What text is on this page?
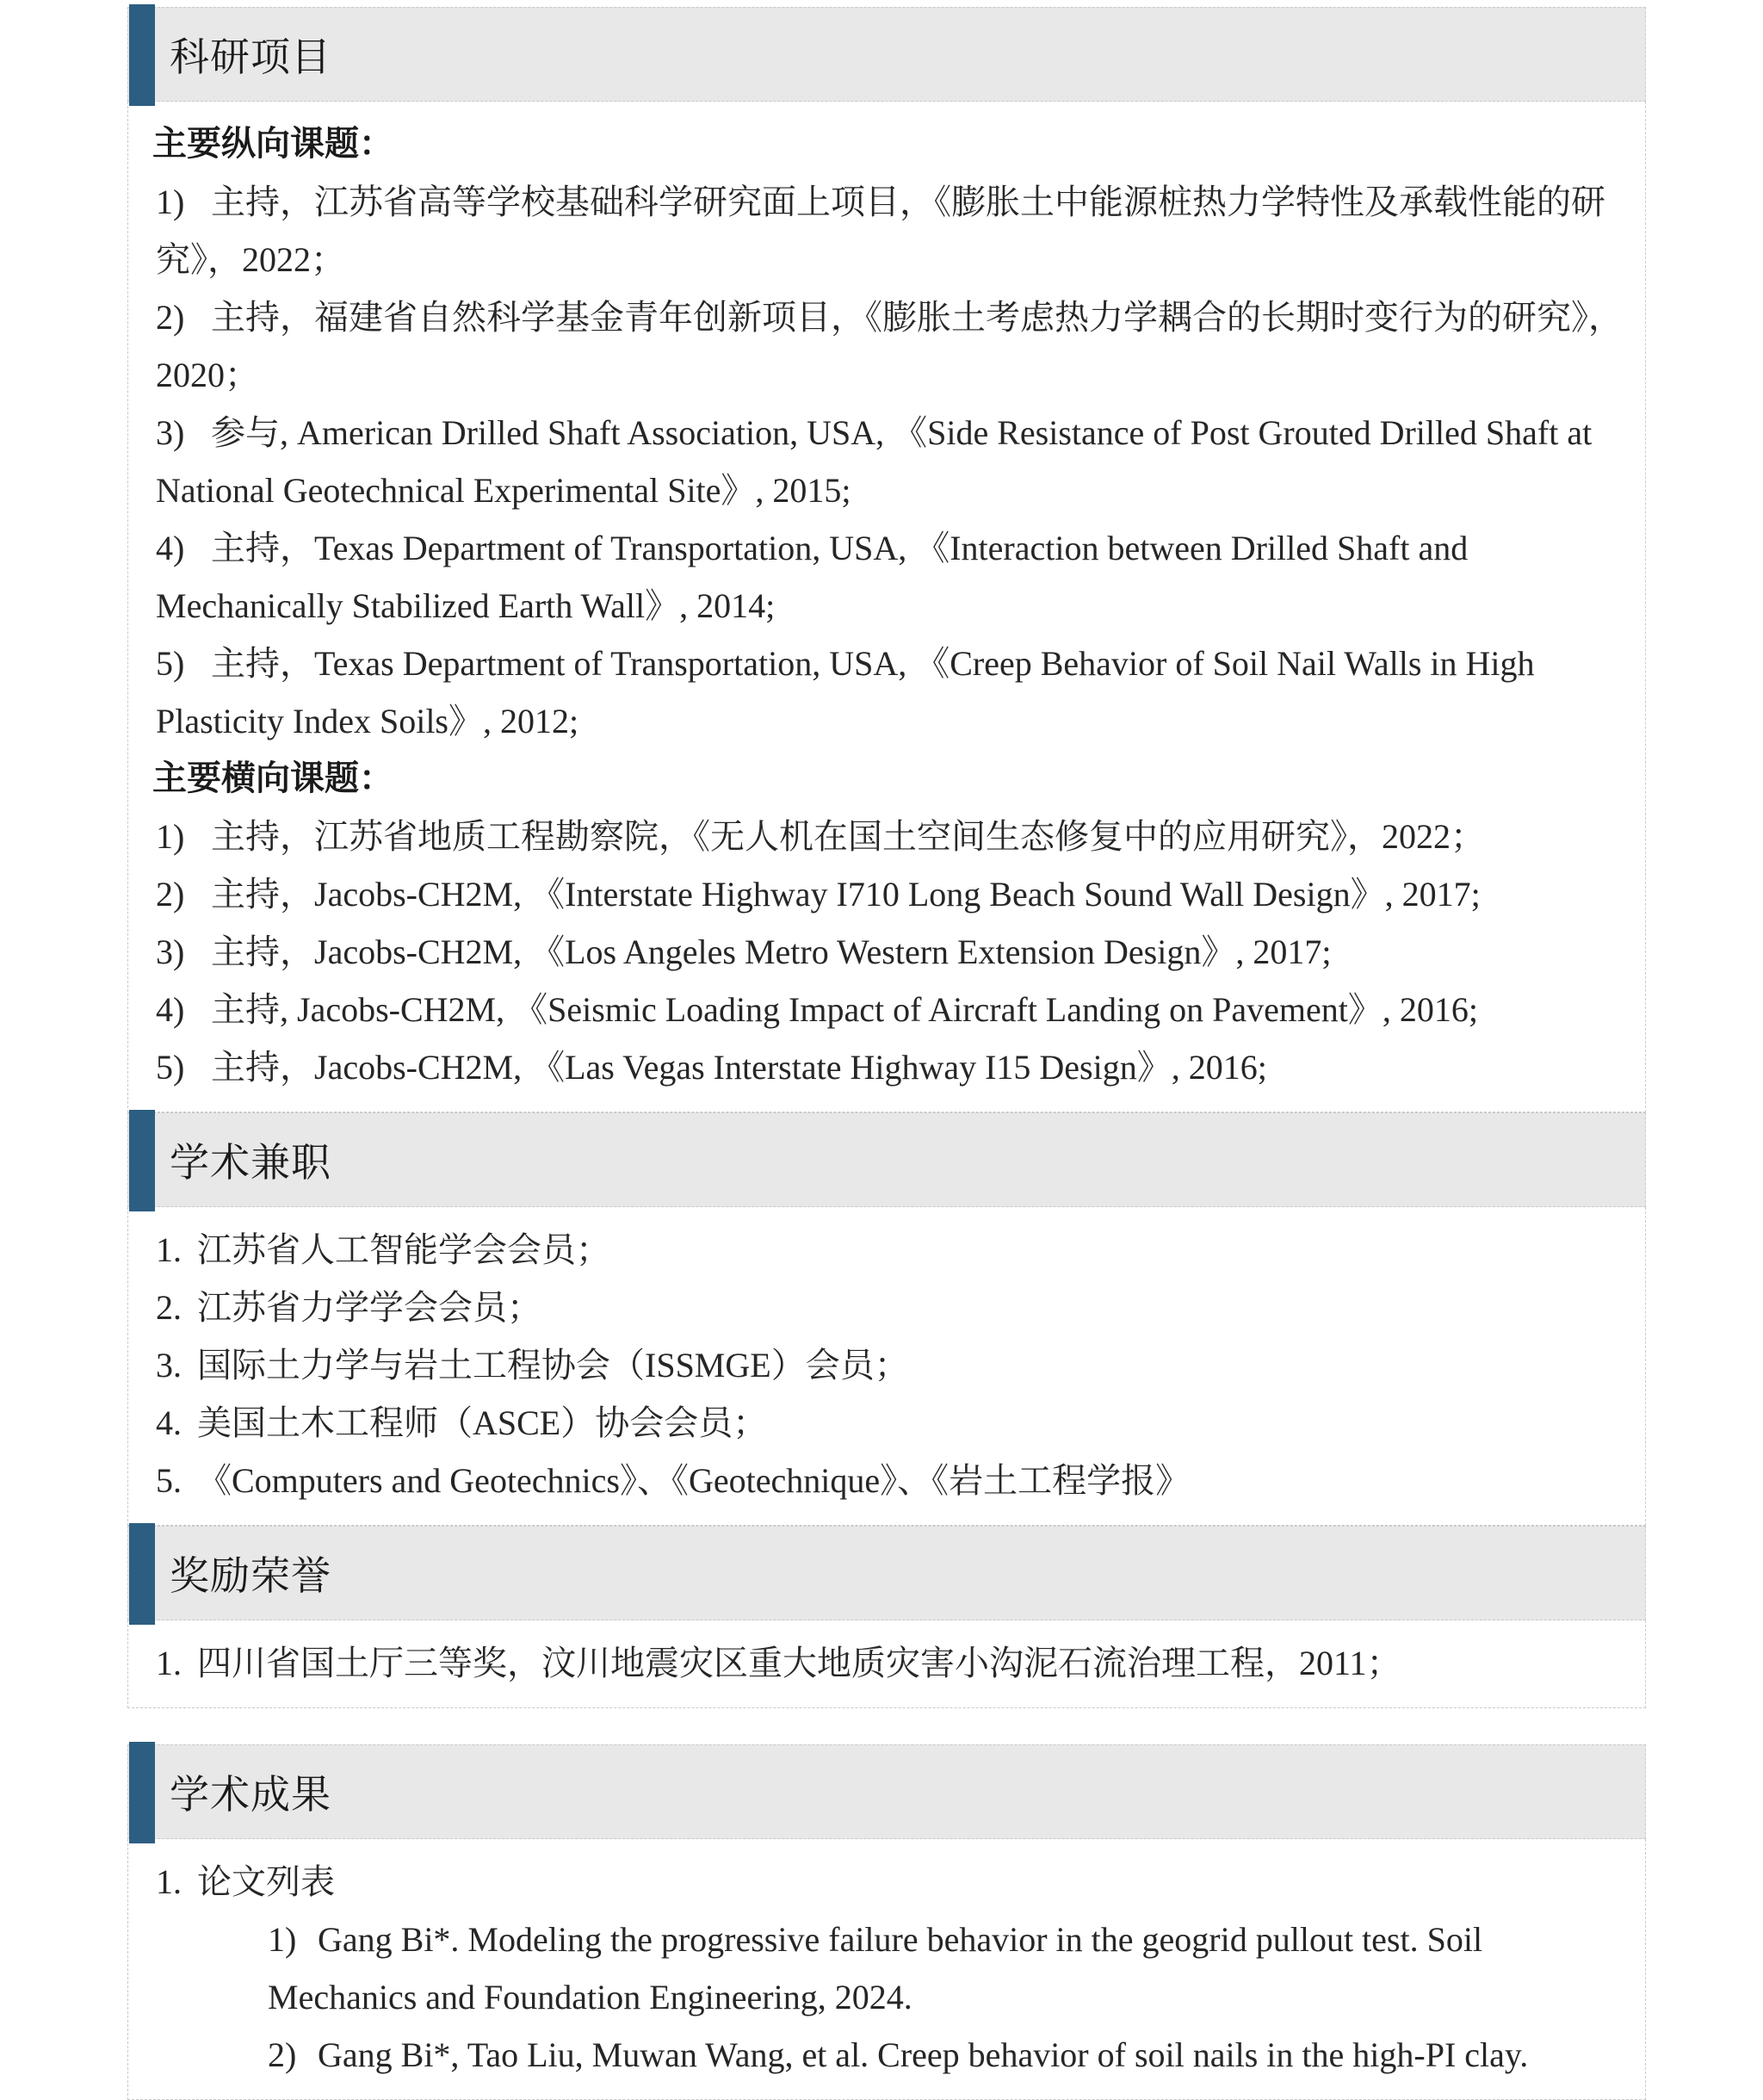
科研项目
主要纵向课题：
1) 主持，江苏省高等学校基础科学研究面上项目，《膨胀土中能源桩热力学特性及承载性能的研究》，2022；
2) 主持，福建省自然科学基金青年创新项目，《膨胀土考虑热力学耦合的长期时变行为的研究》，2020；
3) 参与, American Drilled Shaft Association, USA, 《Side Resistance of Post Grouted Drilled Shaft at National Geotechnical Experimental Site》, 2015;
4) 主持，Texas Department of Transportation, USA, 《Interaction between Drilled Shaft and Mechanically Stabilized Earth Wall》, 2014;
5) 主持，Texas Department of Transportation, USA, 《Creep Behavior of Soil Nail Walls in High Plasticity Index Soils》, 2012;
主要横向课题：
1) 主持，江苏省地质工程勘察院，《无人机在国土空间生态修复中的应用研究》，2022；
2) 主持，Jacobs-CH2M, 《Interstate Highway I710 Long Beach Sound Wall Design》, 2017;
3) 主持，Jacobs-CH2M, 《Los Angeles Metro Western Extension Design》, 2017;
4) 主持, Jacobs-CH2M, 《Seismic Loading Impact of Aircraft Landing on Pavement》, 2016;
5) 主持，Jacobs-CH2M, 《Las Vegas Interstate Highway I15 Design》, 2016;
学术兼职
1. 江苏省人工智能学会会员；
2. 江苏省力学学会会员；
3. 国际土力学与岩土工程协会（ISSMGE）会员；
4. 美国土木工程师（ASCE）协会会员；
5. 《Computers and Geotechnics》、《Geotechnique》、《岩土工程学报》
奖励荣誉
1. 四川省国土厅三等奖，汶川地震灾区重大地质灾害小沟泥石流治理工程，2011；
学术成果
1. 论文列表
1) Gang Bi*. Modeling the progressive failure behavior in the geogrid pullout test. Soil Mechanics and Foundation Engineering, 2024.
2) Gang Bi*, Tao Liu, Muwan Wang, et al. Creep behavior of soil nails in the high-PI clay.
